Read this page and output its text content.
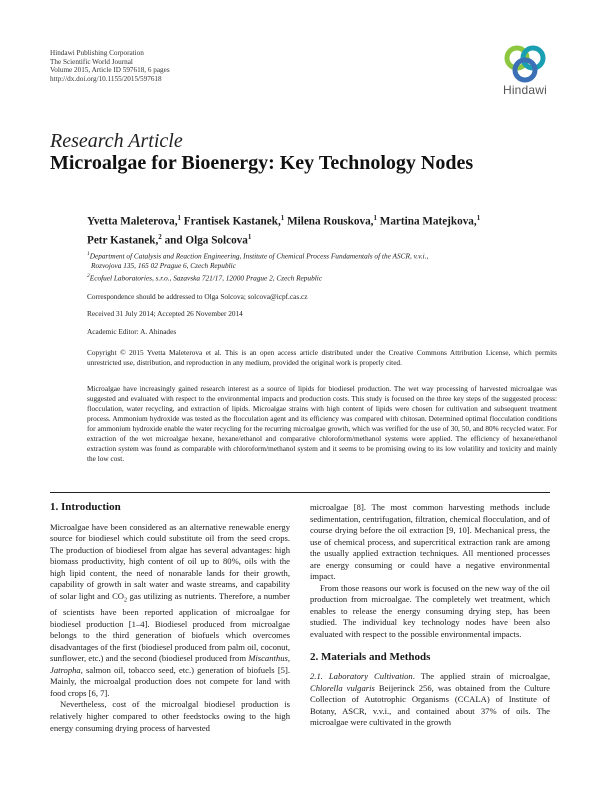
Hindawi Publishing Corporation
The Scientific World Journal
Volume 2015, Article ID 597618, 6 pages
http://dx.doi.org/10.1155/2015/597618
Hindawi
Research Article
Microalgae for Bioenergy: Key Technology Nodes
Yvetta Maleterova,$^1$ Frantisek Kastanek,$^1$ Milena Rouskova,$^1$ Martina Matejkova,$^1$
Petr Kastanek,$^2$ and Olga Solcova$^1$
$^1$Department of Catalysis and Reaction Engineering, Institute of Chemical Process Fundamentals of the ASCR, v.v.i.,
Rozvojova 135, 165 02 Prague 6, Czech Republic
$^2$Ecofuel Laboratories, s.r.o., Sazavska 721/17, 12000 Prague 2, Czech Republic
Correspondence should be addressed to Olga Solcova; solcova@icpf.cas.cz
Received 31 July 2014; Accepted 26 November 2014
Academic Editor: A. Ahinades
Copyright © 2015 Yvetta Maleterova et al. This is an open access article distributed under the Creative Commons Attribution License, which permits unrestricted use, distribution, and reproduction in any medium, provided the original work is properly cited.
Microalgae have increasingly gained research interest as a source of lipids for biodiesel production. The wet way processing of harvested microalgae was suggested and evaluated with respect to the environmental impacts and production costs. This study is focused on the three key steps of the suggested process: flocculation, water recycling, and extraction of lipids. Microalgae strains with high content of lipids were chosen for cultivation and subsequent treatment process. Ammonium hydroxide was tested as the flocculation agent and its efficiency was compared with chitosan. Determined optimal flocculation conditions for ammonium hydroxide enable the water recycling for the recurring microalgae growth, which was verified for the use of 30, 50, and 80% recycled water. For extraction of the wet microalgae hexane, hexane/ethanol and comparative chloroform/methanol systems were applied. The efficiency of hexane/ethanol extraction system was found as comparable with chloroform/methanol system and it seems to be promising owing to its low volatility and toxicity and mainly the low cost.
1. Introduction

Microalgae have been considered as an alternative renewable energy source for biodiesel which could substitute oil from the seed crops. The production of biodiesel from algae has several advantages: high biomass productivity, high content of oil up to 80%, oils with the high lipid content, the need of nonarable lands for their growth, capability of growth in salt water and waste streams, and capability of solar light and $CO_2$ gas utilizing as nutrients. Therefore, a number of scientists have been reported application of microalgae for biodiesel production [1–4]. Biodiesel produced from microalgae belongs to the third generation of biofuels which overcomes disadvantages of the first (biodiesel produced from palm oil, coconut, sunflower, etc.) and the second (biodiesel produced from Miscanthus, Jatropha, salmon oil, tobacco seed, etc.) generation of biofuels [5]. Mainly, the microalgal production does not compete for land with food crops [6, 7].

Nevertheless, cost of the microalgal biodiesel production is relatively higher compared to other feedstocks owing to the high energy consuming drying process of harvested

microalgae [8]. The most common harvesting methods include sedimentation, centrifugation, filtration, chemical flocculation, and of course drying before the oil extraction [9, 10]. Mechanical press, the use of chemical process, and supercritical extraction rank are among the usually applied extraction techniques. All mentioned processes are energy consuming or could have a negative environmental impact.

From those reasons our work is focused on the new way of the oil production from microalgae. The completely wet treatment, which enables to release the energy consuming drying step, has been studied. The individual key technology nodes have been also evaluated with respect to the possible environmental impacts.

2. Materials and Methods

2.1. Laboratory Cultivation. The applied strain of microalgae, Chlorella vulgaris Beijerinck 256, was obtained from the Culture Collection of Autotrophic Organisms (CCALA) of Institute of Botany, ASCR, v.v.i., and contained about 37% of oils. The microalgae were cultivated in the growth
